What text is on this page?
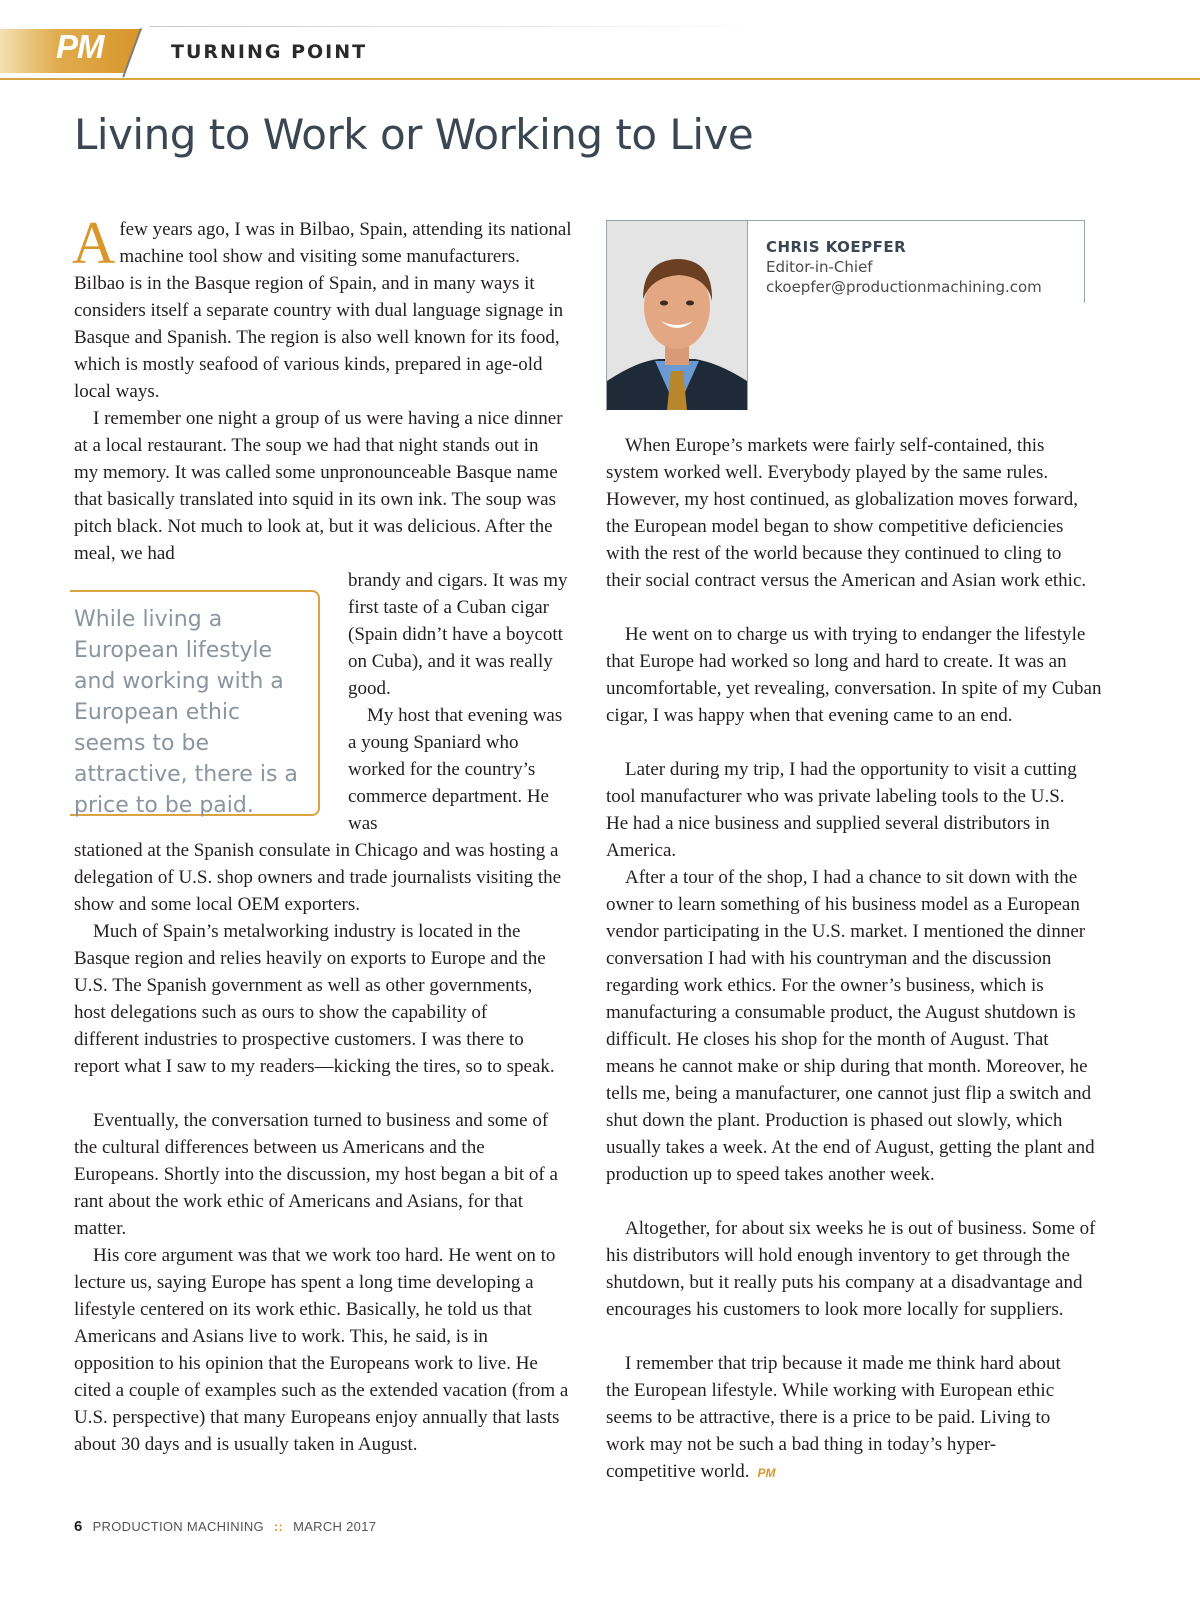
PM	TURNING POINT
Living to Work or Working to Live

Afew years ago, I was in Bilbao, Spain, attending its national machine tool show and visiting some manufacturers. Bilbao is in the Basque region of Spain, and in many ways it considers itself a separate country with dual language signage in Basque and Spanish. The region is also well known for its food, which is mostly seafood of various kinds, prepared in age-old local ways.

I remember one night a group of us were having a nice dinner at a local restaurant. The soup we had that night stands out in my memory. It was called some unpronounceable Basque name that basically translated into squid in its own ink. The soup was pitch black. Not much to look at, but it was delicious. After the meal, we had

brandy and cigars. It was my first taste of a Cuban cigar (Spain didn’t have a boycott on Cuba), and it was really good.

My host that evening was a young Spaniard who worked for the country’s commerce department. He was

stationed at the Spanish consulate in Chicago and was hosting a delegation of U.S. shop owners and trade journalists visiting the show and some local OEM exporters.

Much of Spain’s metalworking industry is located in the Basque region and relies heavily on exports to Europe and the U.S. The Spanish government as well as other governments, host delegations such as ours to show the capability of different industries to prospective customers. I was there to report what I saw to my readers—kicking the tires, so to speak.

Eventually, the conversation turned to business and some of the cultural differences between us Americans and the Europeans. Shortly into the discussion, my host began a bit of a rant about the work ethic of Americans and Asians, for that matter.

His core argument was that we work too hard. He went on to lecture us, saying Europe has spent a long time developing a lifestyle centered on its work ethic. Basically, he told us that Americans and Asians live to work. This, he said, is in opposition to his opinion that the Europeans work to live. He cited a couple of examples such as the extended vacation (from a U.S. perspective) that many Europeans enjoy annually that lasts about 30 days and is usually taken in August.

While living a European lifestyle and working with a European ethic seems to be attractive, there is a price to be paid.

CHRIS KOEPFER
Editor-in-Chief
ckoepfer@productionmachining.com

When Europe’s markets were fairly self-contained, this system worked well. Everybody played by the same rules. However, my host continued, as globalization moves forward, the European model began to show competitive deficiencies with the rest of the world because they continued to cling to their social contract versus the American and Asian work ethic.

He went on to charge us with trying to endanger the lifestyle that Europe had worked so long and hard to create. It was an uncomfortable, yet revealing, conversation. In spite of my Cuban cigar, I was happy when that evening came to an end.

Later during my trip, I had the opportunity to visit a cutting tool manufacturer who was private labeling tools to the U.S. He had a nice business and supplied several distributors in America.

After a tour of the shop, I had a chance to sit down with the owner to learn something of his business model as a European vendor participating in the U.S. market. I mentioned the dinner conversation I had with his countryman and the discussion regarding work ethics. For the owner’s business, which is manufacturing a consumable product, the August shutdown is difficult. He closes his shop for the month of August. That means he cannot make or ship during that month. Moreover, he tells me, being a manufacturer, one cannot just flip a switch and shut down the plant. Production is phased out slowly, which usually takes a week. At the end of August, getting the plant and production up to speed takes another week.

Altogether, for about six weeks he is out of business. Some of his distributors will hold enough inventory to get through the shutdown, but it really puts his company at a disadvantage and encourages his customers to look more locally for suppliers.

I remember that trip because it made me think hard about the European lifestyle. While working with European ethic seems to be attractive, there is a price to be paid. Living to work may not be such a bad thing in today’s hyper-competitive world. PM

6 PRODUCTION MACHINING :: MARCH 2017
